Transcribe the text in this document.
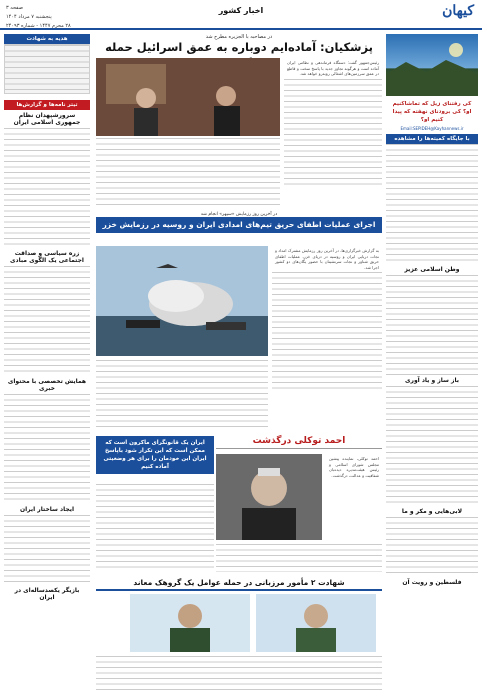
کیهان
اخبار کشور
صفحه ۳
پنجشنبه ۷ مرداد ۱۴۰۴
۲۸ محرم ۱۴۴۷ - شماره ۲۴۰۹۳
کی رفتنای زیل که تماشاکنیم او؟ کی برودنای نهفته که پیدا کنیم او؟
Email:SEPIDEH@Kayhannews.ir
با جایگاه کمیته‌ها را مشاهده
وطن اسلامی عزیز
باز ساز و یاد آوری
لابی‌هایی و مکر و ما
فلسطین و رویت آن
در مصاحبه با الجزیره مطرح شد
پزشکیان: آماده‌ایم دوباره به عمق اسرائیل حمله
رئیس‌جمهور گفت: دستگاه فرماندهی و نظامی ایران آماده است و هرگونه تجاوز جدید با پاسخ سخت و قاطع در عمق سرزمین‌های اشغالی روبه‌رو خواهد شد.
در آخرین روز رزمایش «سپهر» انجام شد
اجرای عملیات اطفای حریق تیم‌های امدادی ایران و روسیه در رزمایش خزر
به گزارش خبرگزاری‌ها، در آخرین روز رزمایش مشترک امداد و نجات دریایی ایران و روسیه در دریای خزر، عملیات اطفای حریق شناور و نجات سرنشینان با حضور یگان‌های دو کشور اجرا شد.
ایران یک قانونگرای ماکرون است که ممکن است که این تکرار شود باپاسخ ایران این خودمان را برای هر وضعیتی آماده کنیم
احمد توکلی درگذشت
احمد توکلی، نماینده پیشین مجلس شورای اسلامی و رئیس هیئت‌مدیره دیده‌بان شفافیت و عدالت، درگذشت.
شهادت ۲ مأمور مرزبانی در حمله عوامل یک گروهک معاند
هدیه به شهادت
تیتر نامه‌ها و گزارش‌ها
سرورشپهدان نظام جمهوری اسلامی ایران
زره سیاسی و صداقت اجتماعی یک الگوی مبادی
همایش تخصصی با محتوای خبری
ایجاد ساختار ایران
بازیگر یکصدساله‌ای در ایران
